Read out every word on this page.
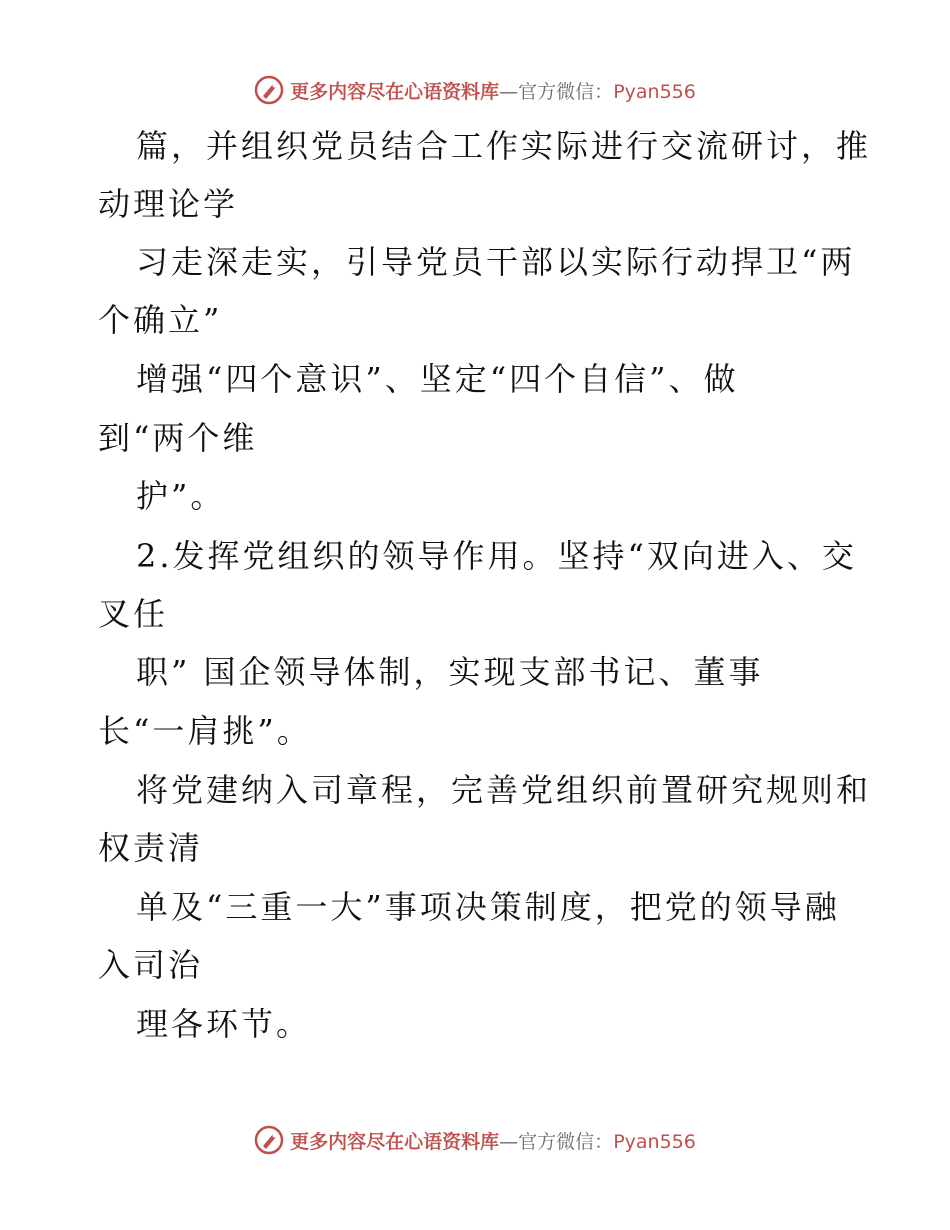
更多内容尽在心语资料库—官方微信：Pyan556
篇，并组织党员结合工作实际进行交流研讨，推
动理论学
习走深走实，引导党员干部以实际行动捍卫“两
个确立”
增强“四个意识”、坚定“四个自信”、做
到“两个维
护”。
2.发挥党组织的领导作用。坚持“双向进入、交
叉任
职” 国企领导体制，实现支部书记、董事
长“一肩挑”。
将党建纳入司章程，完善党组织前置研究规则和
权责清
单及“三重一大”事项决策制度，把党的领导融
入司治
理各环节。
更多内容尽在心语资料库—官方微信：Pyan556
